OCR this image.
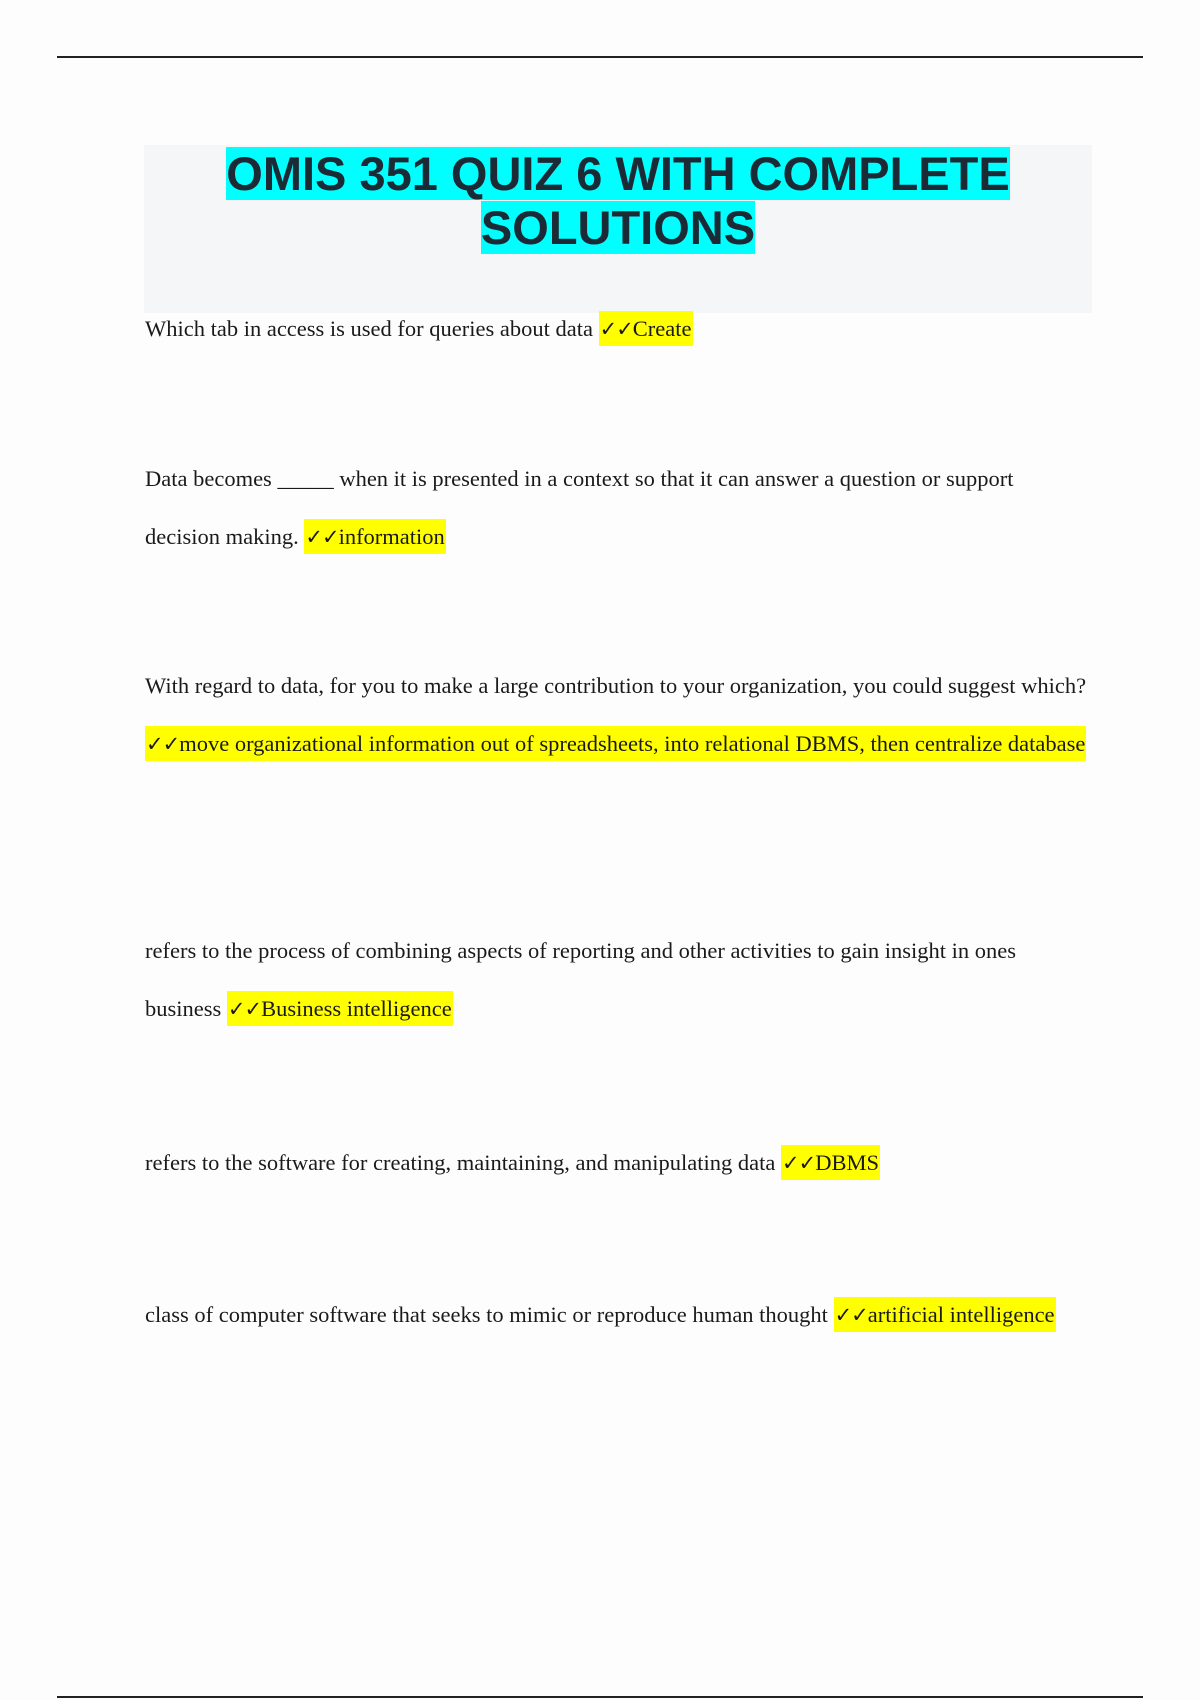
OMIS 351 QUIZ 6 WITH COMPLETE SOLUTIONS

Which tab in access is used for queries about data ✓✓Create

Data becomes _____ when it is presented in a context so that it can answer a question or support decision making. ✓✓information

With regard to data, for you to make a large contribution to your organization, you could suggest which? ✓✓move organizational information out of spreadsheets, into relational DBMS, then centralize database

refers to the process of combining aspects of reporting and other activities to gain insight in ones business ✓✓Business intelligence

refers to the software for creating, maintaining, and manipulating data ✓✓DBMS

class of computer software that seeks to mimic or reproduce human thought ✓✓artificial intelligence
